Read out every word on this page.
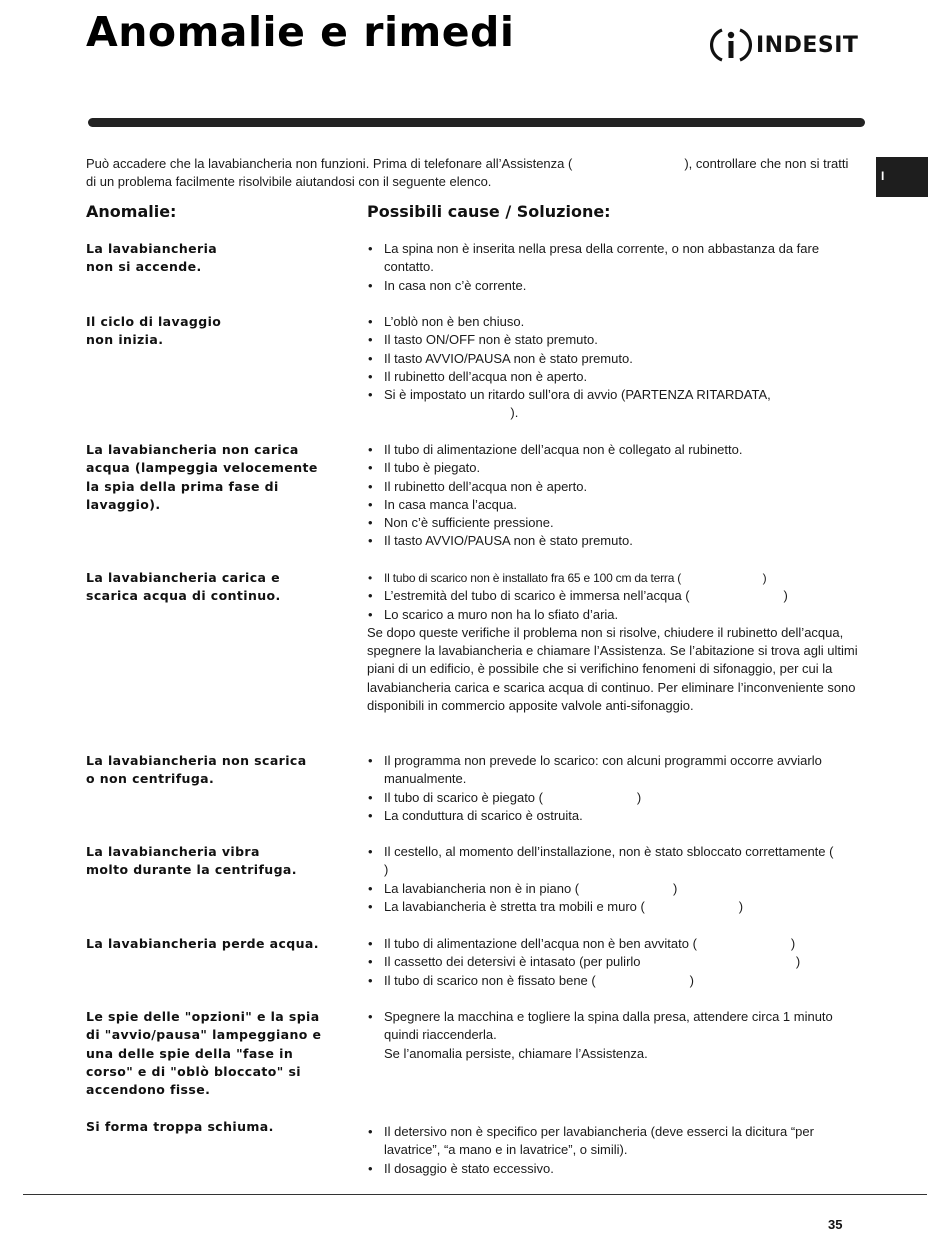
Anomalie e rimedi	INDESIT
Può accadere che la lavabiancheria non funzioni. Prima di telefonare all’Assistenza (	), controllare che non si tratti di un problema facilmente risolvibile aiutandosi con il seguente elenco.	I
Anomalie:	Possibili cause / Soluzione:
La lavabiancheria
non si accende.
• La spina non è inserita nella presa della corrente, o non abbastanza da fare contatto.
• In casa non c’è corrente.
Il ciclo di lavaggio
non inizia.
• L’oblò non è ben chiuso.
• Il tasto ON/OFF non è stato premuto.
• Il tasto AVVIO/PAUSA non è stato premuto.
• Il rubinetto dell’acqua non è aperto.
• Si è impostato un ritardo sull’ora di avvio (PARTENZA RITARDATA,
).
La lavabiancheria non carica
acqua (lampeggia velocemente
la spia della prima fase di
lavaggio).
• Il tubo di alimentazione dell’acqua non è collegato al rubinetto.
• Il tubo è piegato.
• Il rubinetto dell’acqua non è aperto.
• In casa manca l’acqua.
• Non c’è sufficiente pressione.
• Il tasto AVVIO/PAUSA non è stato premuto.
La lavabiancheria carica e
scarica acqua di continuo.
• Il tubo di scarico non è installato fra 65 e 100 cm da terra (                          )
• L’estremità del tubo di scarico è immersa nell’acqua (                          )
• Lo scarico a muro non ha lo sfiato d’aria.
Se dopo queste verifiche il problema non si risolve, chiudere il rubinetto dell’acqua, spegnere la lavabiancheria e chiamare l’Assistenza. Se l’abitazione si trova agli ultimi piani di un edificio, è possibile che si verifichino fenomeni di sifonaggio, per cui la lavabiancheria carica e scarica acqua di continuo. Per eliminare l’inconveniente sono disponibili in commercio apposite valvole anti-sifonaggio.
La lavabiancheria non scarica
o non centrifuga.
• Il programma non prevede lo scarico: con alcuni programmi occorre avviarlo manualmente.
• Il tubo di scarico è piegato (                          )
• La conduttura di scarico è ostruita.
La lavabiancheria vibra
molto durante la centrifuga.
• Il cestello, al momento dell’installazione, non è stato sbloccato correttamente (                          )
• La lavabiancheria non è in piano (                          )
• La lavabiancheria è stretta tra mobili e muro (                          )
La lavabiancheria perde acqua.	• Il tubo di alimentazione dell’acqua non è ben avvitato (                          )
• Il cassetto dei detersivi è intasato (per pulirlo                                           )
• Il tubo di scarico non è fissato bene (                          )
Le spie delle "opzioni" e la spia
di "avvio/pausa" lampeggiano e
una delle spie della "fase in
corso" e di "oblò bloccato" si
accendono fisse.
• Spegnere la macchina e togliere la spina dalla presa, attendere circa 1 minuto quindi riaccenderla.
Se l’anomalia persiste, chiamare l’Assistenza.
Si forma troppa schiuma.	• Il detersivo non è specifico per lavabiancheria (deve esserci la dicitura “per lavatrice”, “a mano e in lavatrice”, o simili).
• Il dosaggio è stato eccessivo.
35
